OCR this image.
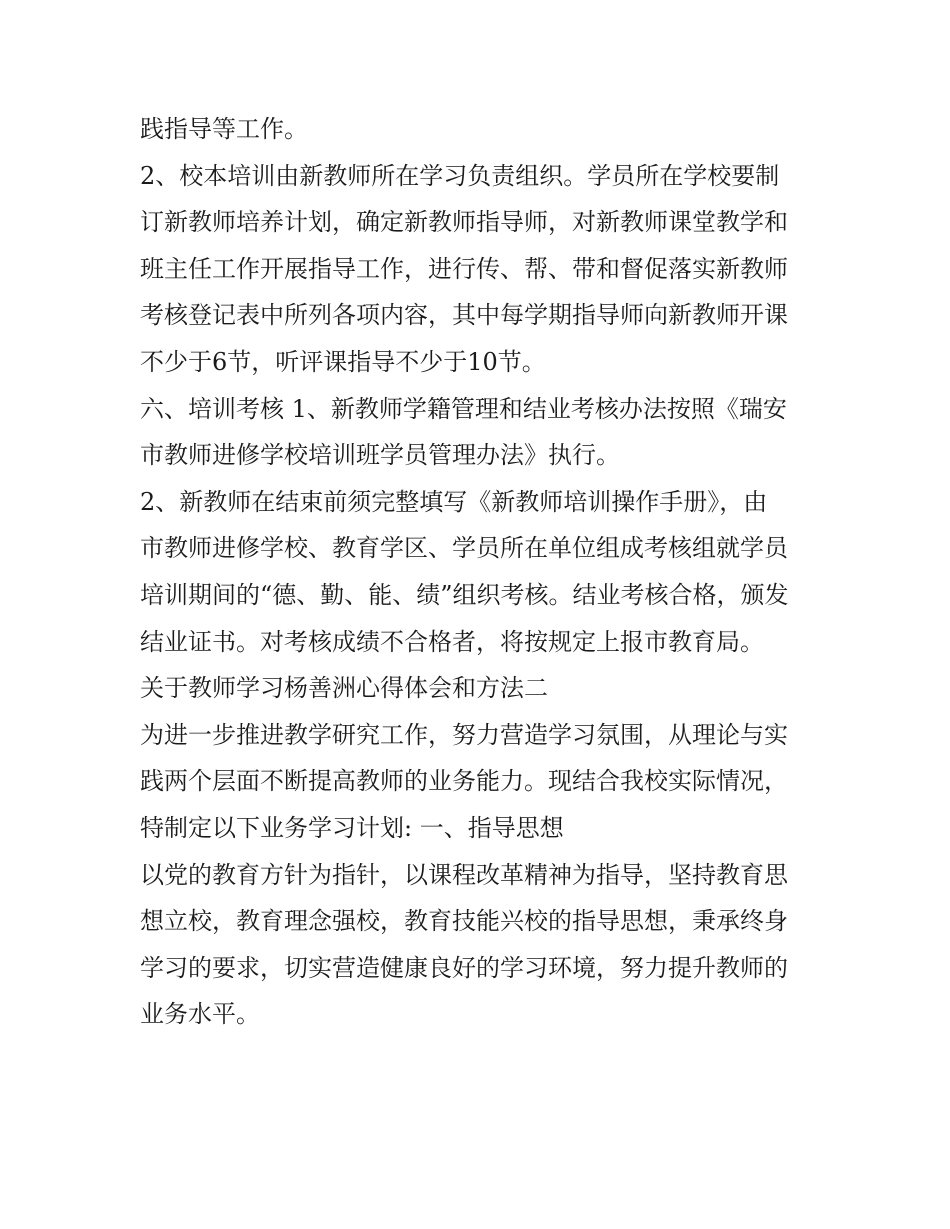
践指导等工作。
2、校本培训由新教师所在学习负责组织。学员所在学校要制
订新教师培养计划，确定新教师指导师，对新教师课堂教学和
班主任工作开展指导工作，进行传、帮、带和督促落实新教师
考核登记表中所列各项内容，其中每学期指导师向新教师开课
不少于6节，听评课指导不少于10节。
六、培训考核 1、新教师学籍管理和结业考核办法按照《瑞安
市教师进修学校培训班学员管理办法》执行。
2、新教师在结束前须完整填写《新教师培训操作手册》，由
市教师进修学校、教育学区、学员所在单位组成考核组就学员
培训期间的“德、勤、能、绩”组织考核。结业考核合格，颁发
结业证书。对考核成绩不合格者，将按规定上报市教育局。
关于教师学习杨善洲心得体会和方法二
为进一步推进教学研究工作，努力营造学习氛围，从理论与实
践两个层面不断提高教师的业务能力。现结合我校实际情况，
特制定以下业务学习计划: 一、指导思想
以党的教育方针为指针，以课程改革精神为指导，坚持教育思
想立校，教育理念强校，教育技能兴校的指导思想，秉承终身
学习的要求，切实营造健康良好的学习环境，努力提升教师的
业务水平。
